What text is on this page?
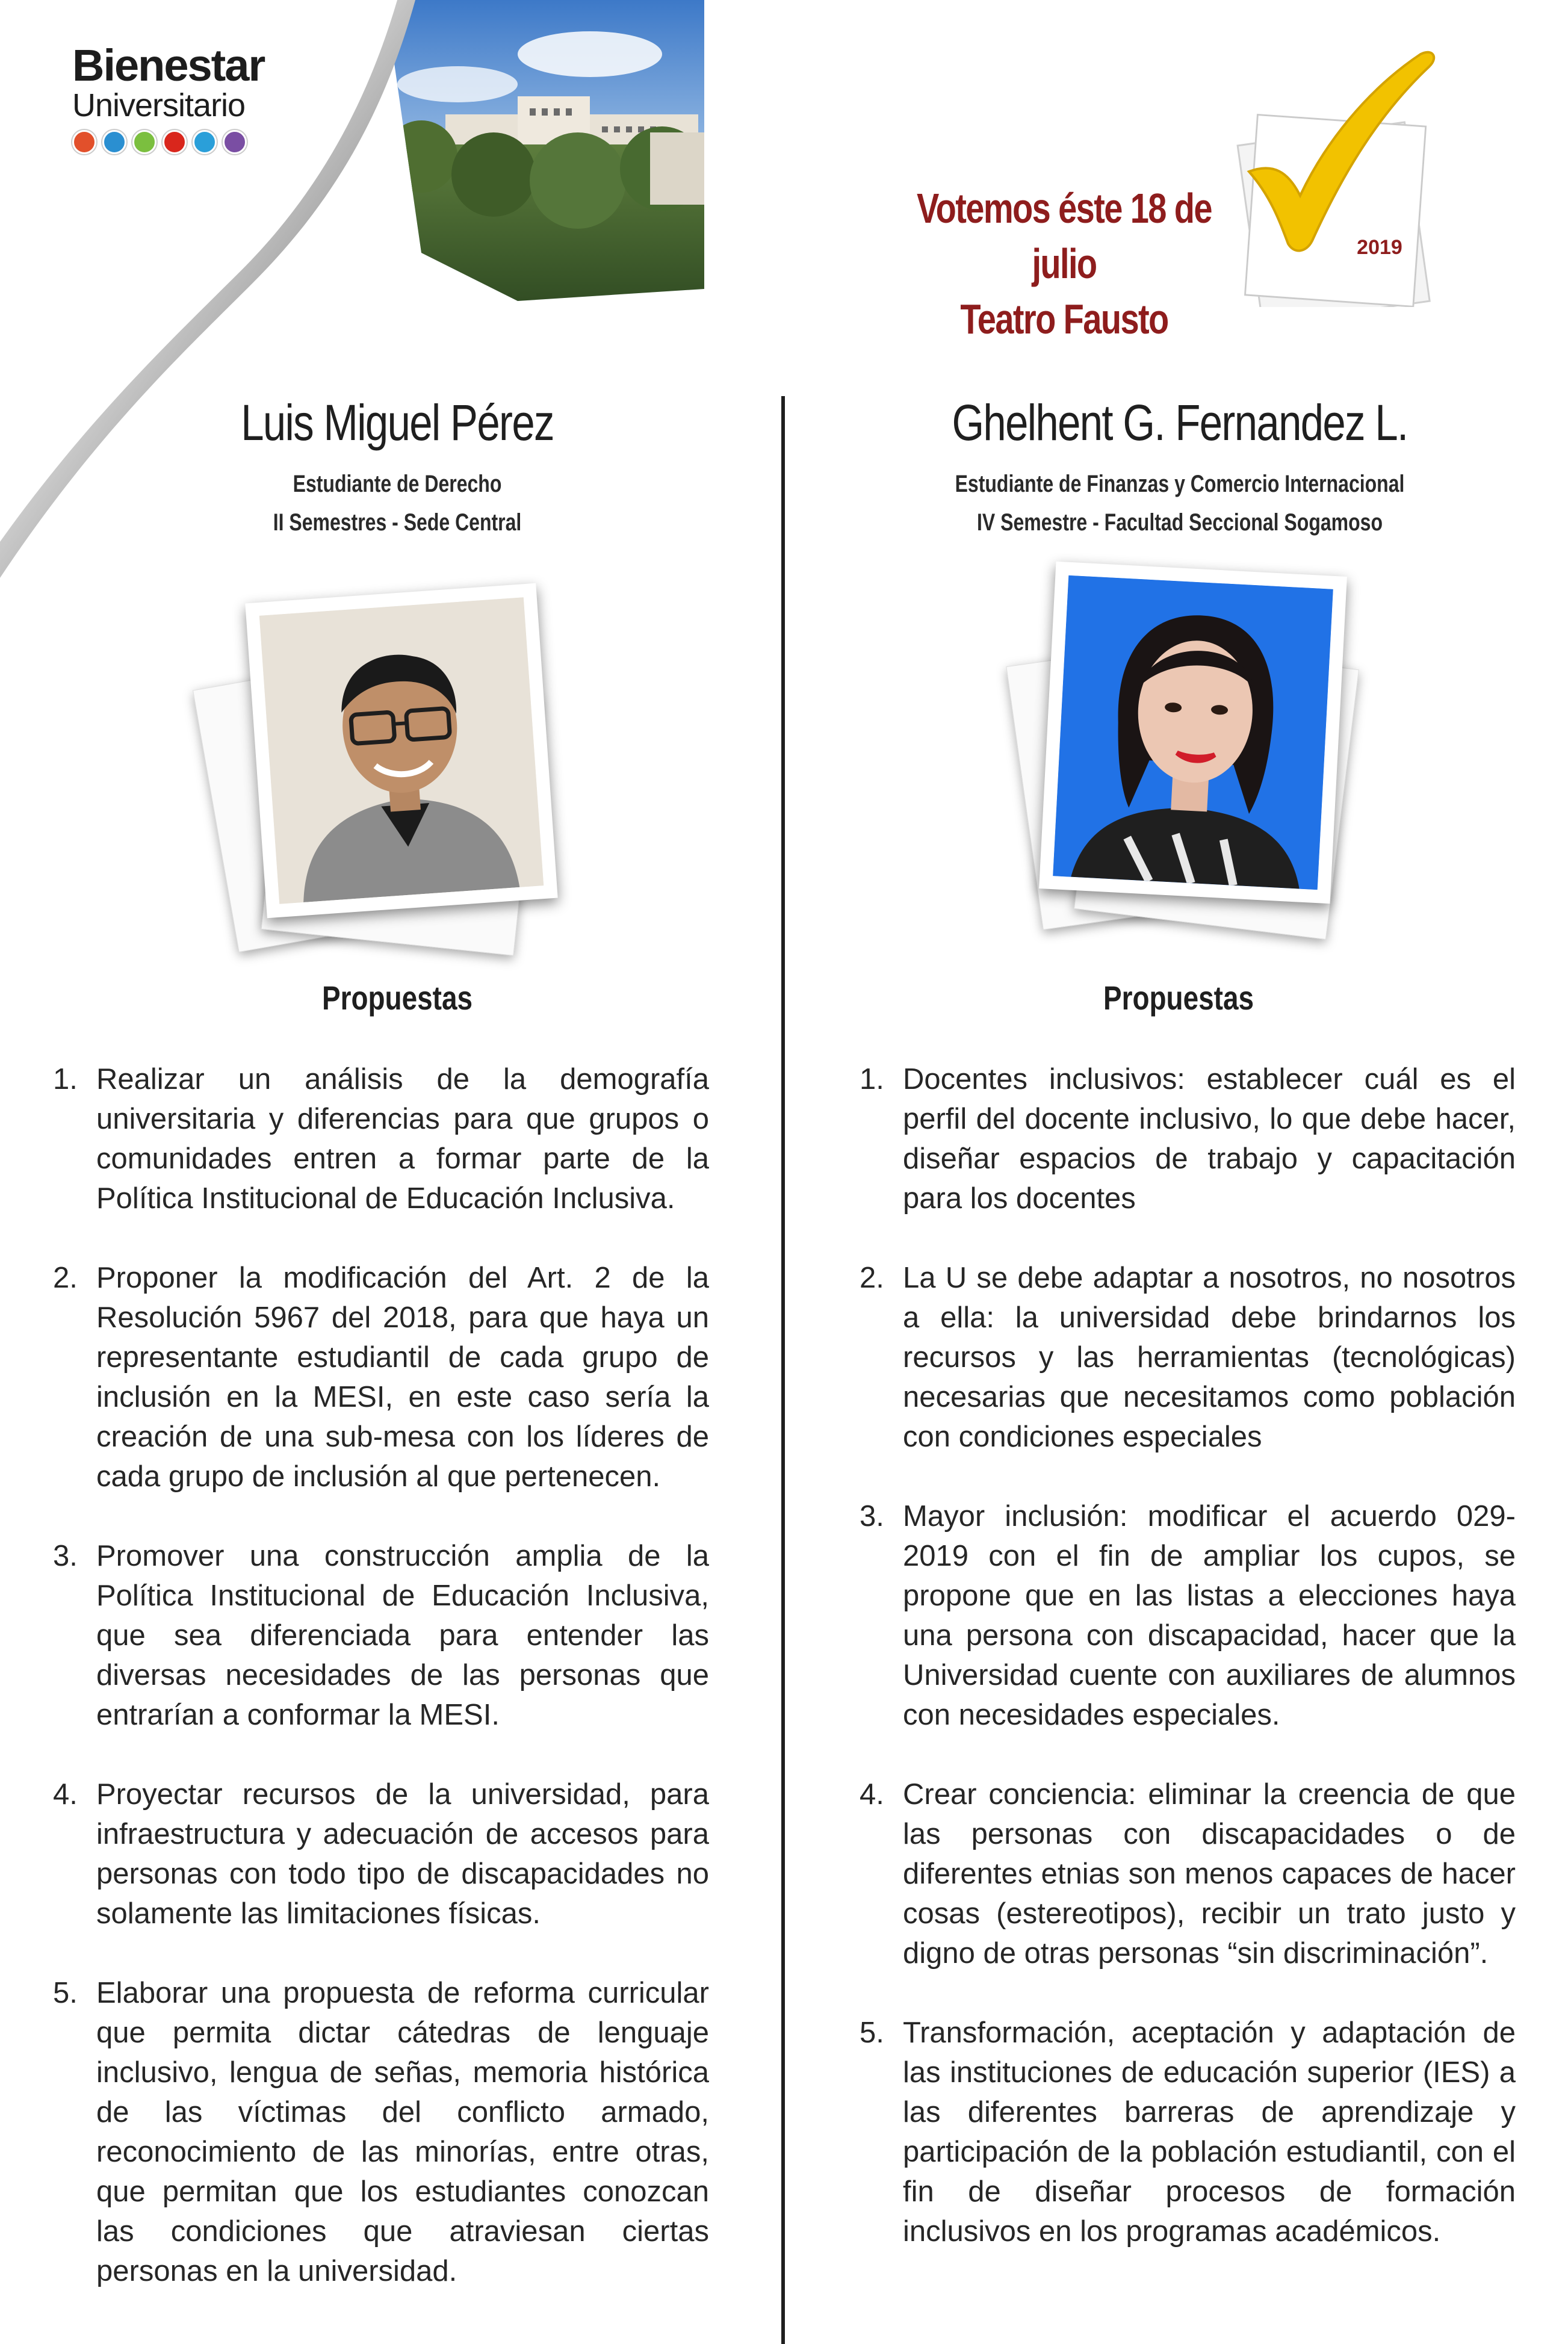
Bienestar
Universitario
2019
Votemos éste 18 de julio
Teatro Fausto
Luis Miguel Pérez
Estudiante de Derecho
II Semestres - Sede Central
Propuestas
1. Realizar un análisis de la demografía universitaria y diferencias para que grupos o comunidades entren a formar parte de la Política Institucional de Educación Inclusiva.
2. Proponer la modificación del Art. 2 de la Resolución 5967 del 2018, para que haya un representante estudiantil de cada grupo de inclusión en la MESI, en este caso sería la creación de una sub-mesa con los líderes de cada grupo de inclusión al que pertenecen.
3. Promover una construcción amplia de la Política Institucional de Educación Inclusiva, que sea diferenciada para entender las diversas necesidades de las personas que entrarían a conformar la MESI.
4. Proyectar recursos de la universidad, para infraestructura y adecuación de accesos para personas con todo tipo de discapacidades no solamente las limitaciones físicas.
5. Elaborar una propuesta de reforma curricular que permita dictar cátedras de lenguaje inclusivo, lengua de señas, memoria histórica de las víctimas del conflicto armado, reconocimiento de las minorías, entre otras, que permitan que los estudiantes conozcan las condiciones que atraviesan ciertas personas en la universidad.
Ghelhent G. Fernandez L.
Estudiante de Finanzas y Comercio Internacional
IV Semestre - Facultad Seccional Sogamoso
Propuestas
1. Docentes inclusivos: establecer cuál es el perfil del docente inclusivo, lo que debe hacer, diseñar espacios de trabajo y capacitación para los docentes
2. La U se debe adaptar a nosotros, no nosotros a ella: la universidad debe brindarnos los recursos y las herramientas (tecnológicas) necesarias que necesitamos como población con condiciones especiales
3. Mayor inclusión: modificar el acuerdo 029-2019 con el fin de ampliar los cupos, se propone que en las listas a elecciones haya una persona con discapacidad, hacer que la Universidad cuente con auxiliares de alumnos con necesidades especiales.
4. Crear conciencia: eliminar la creencia de que las personas con discapacidades o de diferentes etnias son menos capaces de hacer cosas (estereotipos), recibir un trato justo y digno de otras personas “sin discriminación”.
5. Transformación, aceptación y adaptación de las instituciones de educación superior (IES) a las diferentes barreras de aprendizaje y participación de la población estudiantil, con el fin de diseñar procesos de formación inclusivos en los programas académicos.
